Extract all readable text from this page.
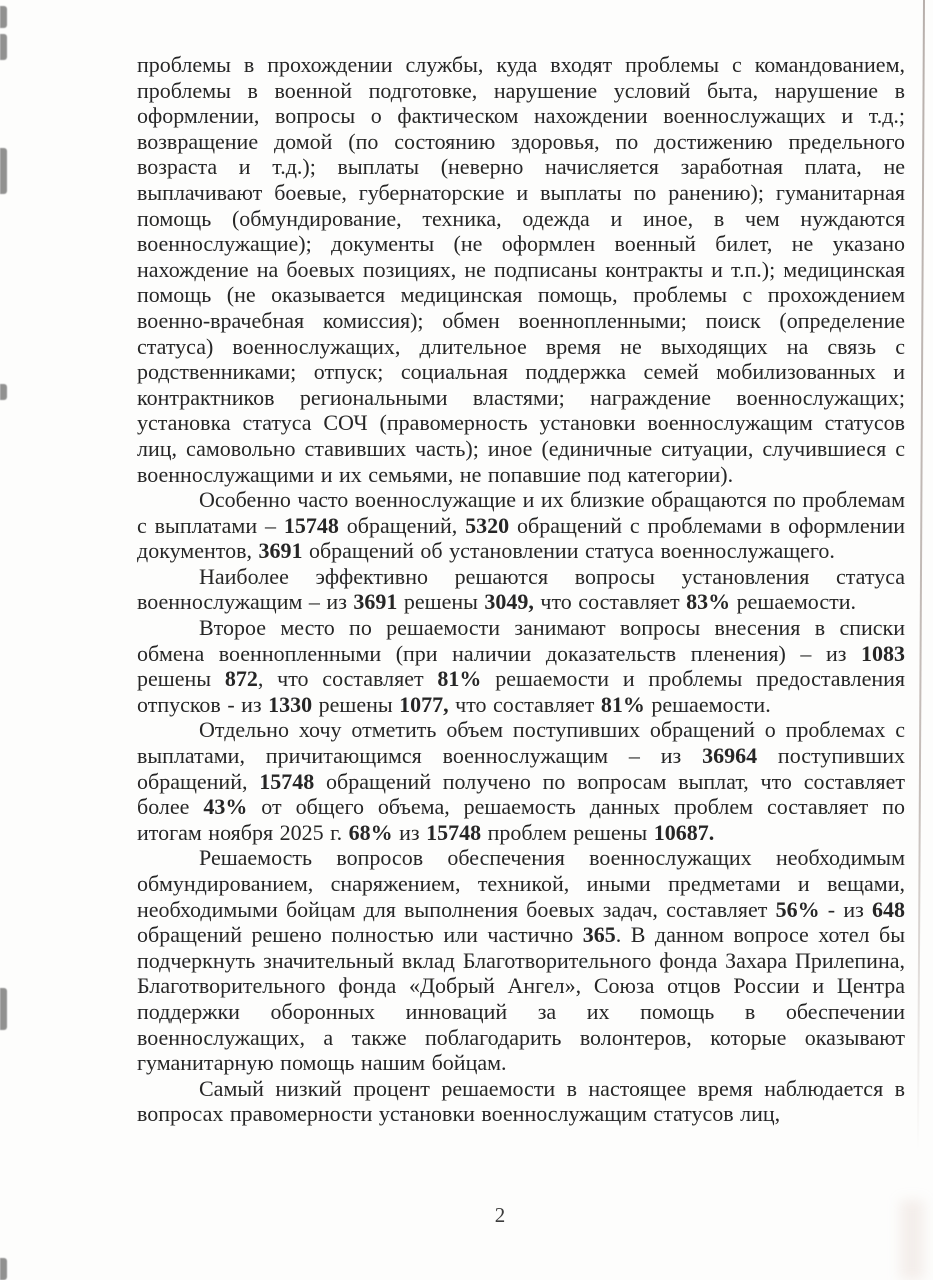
проблемы в прохождении службы, куда входят проблемы с командованием, проблемы в военной подготовке, нарушение условий быта, нарушение в оформлении, вопросы о фактическом нахождении военнослужащих и т.д.; возвращение домой (по состоянию здоровья, по достижению предельного возраста и т.д.); выплаты (неверно начисляется заработная плата, не выплачивают боевые, губернаторские и выплаты по ранению); гуманитарная помощь (обмундирование, техника, одежда и иное, в чем нуждаются военнослужащие); документы (не оформлен военный билет, не указано нахождение на боевых позициях, не подписаны контракты и т.п.); медицинская помощь (не оказывается медицинская помощь, проблемы с прохождением военно-врачебная комиссия); обмен военнопленными; поиск (определение статуса) военнослужащих, длительное время не выходящих на связь с родственниками; отпуск; социальная поддержка семей мобилизованных и контрактников региональными властями; награждение военнослужащих; установка статуса СОЧ (правомерность установки военнослужащим статусов лиц, самовольно ставивших часть); иное (единичные ситуации, случившиеся с военнослужащими и их семьями, не попавшие под категории).

Особенно часто военнослужащие и их близкие обращаются по проблемам с выплатами – 15748 обращений, 5320 обращений с проблемами в оформлении документов, 3691 обращений об установлении статуса военнослужащего.

Наиболее эффективно решаются вопросы установления статуса военнослужащим – из 3691 решены 3049, что составляет 83% решаемости.

Второе место по решаемости занимают вопросы внесения в списки обмена военнопленными (при наличии доказательств пленения) – из 1083 решены 872, что составляет 81% решаемости и проблемы предоставления отпусков - из 1330 решены 1077, что составляет 81% решаемости.

Отдельно хочу отметить объем поступивших обращений о проблемах с выплатами, причитающимся военнослужащим – из 36964 поступивших обращений, 15748 обращений получено по вопросам выплат, что составляет более 43% от общего объема, решаемость данных проблем составляет по итогам ноября 2025 г. 68% из 15748 проблем решены 10687.

Решаемость вопросов обеспечения военнослужащих необходимым обмундированием, снаряжением, техникой, иными предметами и вещами, необходимыми бойцам для выполнения боевых задач, составляет 56% - из 648 обращений решено полностью или частично 365. В данном вопросе хотел бы подчеркнуть значительный вклад Благотворительного фонда Захара Прилепина, Благотворительного фонда «Добрый Ангел», Союза отцов России и Центра поддержки оборонных инноваций за их помощь в обеспечении военнослужащих, а также поблагодарить волонтеров, которые оказывают гуманитарную помощь нашим бойцам.

Самый низкий процент решаемости в настоящее время наблюдается в вопросах правомерности установки военнослужащим статусов лиц,

2
